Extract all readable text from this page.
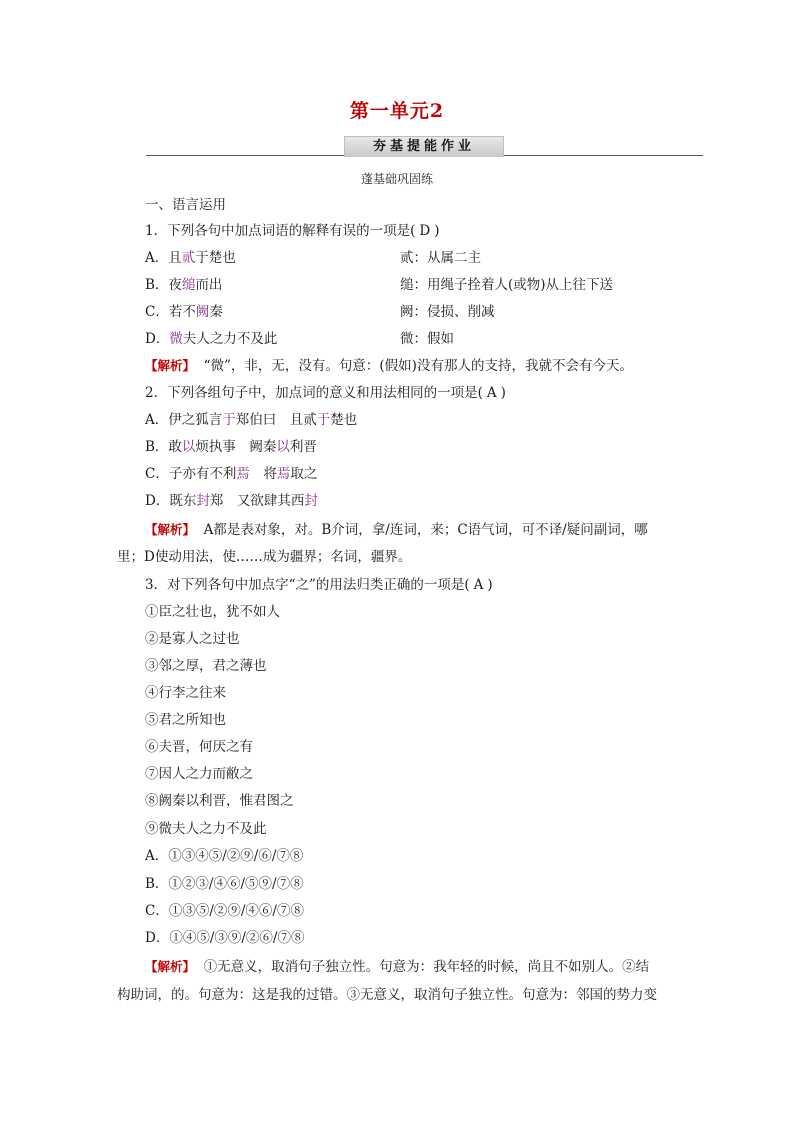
第一单元2
夯基提能作业
蓬基础巩固练
一、语言运用
1．下列各句中加点词语的解释有误的一项是( D )
A．且贰于楚也	贰：从属二主
B．夜缒而出	缒：用绳子拴着人(或物)从上往下送
C．若不阙秦	阙：侵损、削减
D．微夫人之力不及此	微：假如
【解析】 “微”，非，无，没有。句意：(假如)没有那人的支持，我就不会有今天。
2．下列各组句子中，加点词的意义和用法相同的一项是( A )
A．伊之狐言于郑伯曰　且贰于楚也
B．敢以烦执事　阙秦以利晋
C．子亦有不利焉　将焉取之
D．既东封郑　又欲肆其西封
【解析】 A都是表对象，对。B介词，拿/连词，来；C语气词，可不译/疑问副词，哪
里；D使动用法，使……成为疆界；名词，疆界。
3．对下列各句中加点字“之”的用法归类正确的一项是( A )
①臣之壮也，犹不如人
②是寡人之过也
③邻之厚，君之薄也
④行李之往来
⑤君之所知也
⑥夫晋，何厌之有
⑦因人之力而敝之
⑧阙秦以利晋，惟君图之
⑨微夫人之力不及此
A．①③④⑤/②⑨/⑥/⑦⑧
B．①②③/④⑥/⑤⑨/⑦⑧
C．①③⑤/②⑨/④⑥/⑦⑧
D．①④⑤/③⑨/②⑥/⑦⑧
【解析】 ①无意义，取消句子独立性。句意为：我年轻的时候，尚且不如别人。②结
构助词，的。句意为：这是我的过错。③无意义，取消句子独立性。句意为：邻国的势力变
